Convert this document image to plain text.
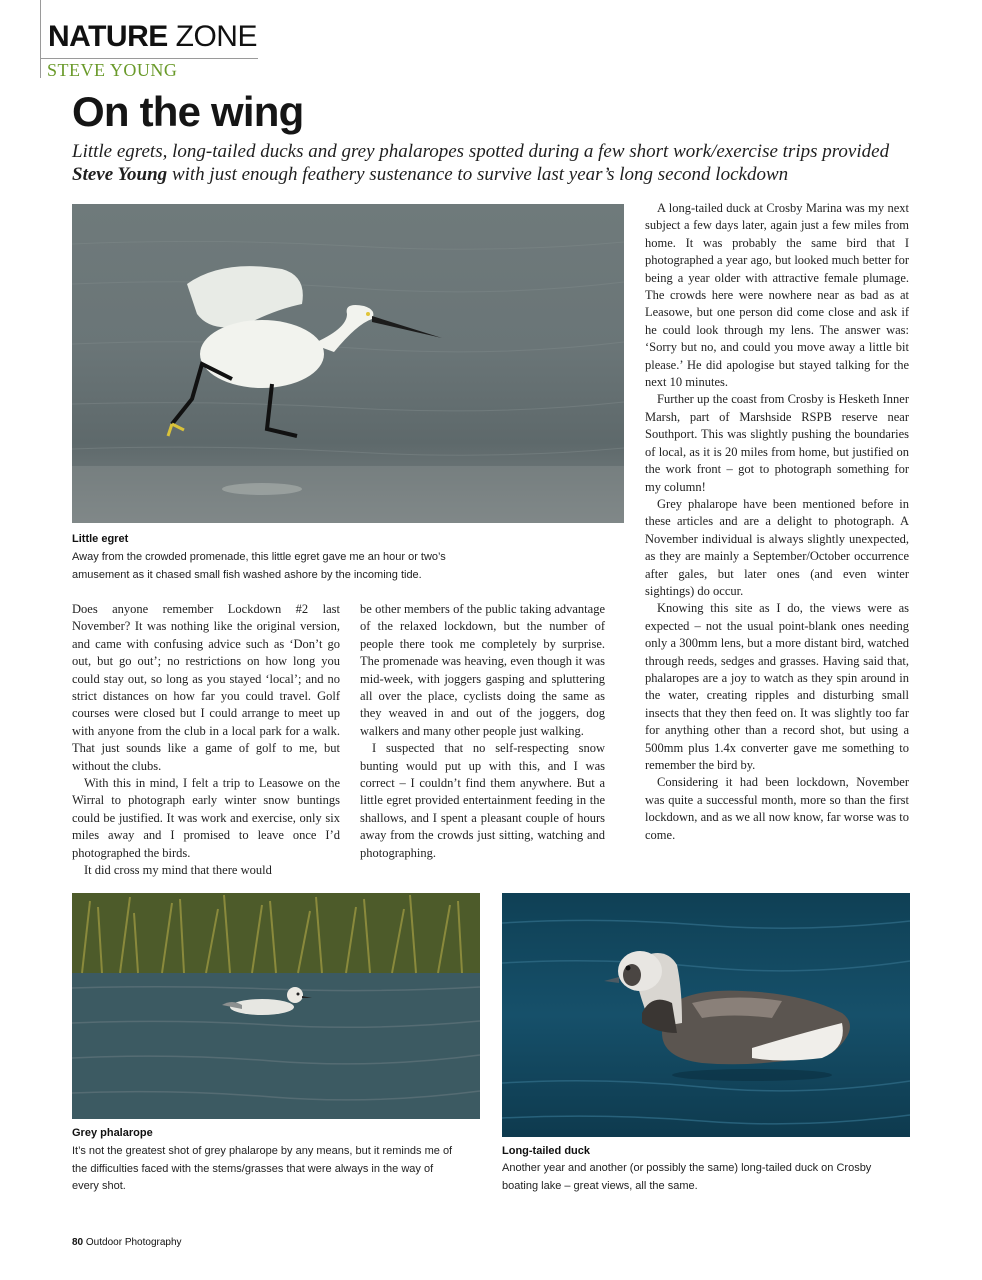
NATURE ZONE
STEVE YOUNG
On the wing
Little egrets, long-tailed ducks and grey phalaropes spotted during a few short work/exercise trips provided Steve Young with just enough feathery sustenance to survive last year’s long second lockdown
Little egret
Away from the crowded promenade, this little egret gave me an hour or two’s amusement as it chased small fish washed ashore by the incoming tide.

Does anyone remember Lockdown #2 last November? It was nothing like the original version, and came with confusing advice such as ‘Don’t go out, but go out’; no restrictions on how long you could stay out, so long as you stayed ‘local’; and no strict distances on how far you could travel. Golf courses were closed but I could arrange to meet up with anyone from the club in a local park for a walk. That just sounds like a game of golf to me, but without the clubs.

With this in mind, I felt a trip to Leasowe on the Wirral to photograph early winter snow buntings could be justified. It was work and exercise, only six miles away and I promised to leave once I’d photographed the birds.

It did cross my mind that there would

be other members of the public taking advantage of the relaxed lockdown, but the number of people there took me completely by surprise. The promenade was heaving, even though it was mid-week, with joggers gasping and spluttering all over the place, cyclists doing the same as they weaved in and out of the joggers, dog walkers and many other people just walking.

I suspected that no self-respecting snow bunting would put up with this, and I was correct – I couldn’t find them anywhere. But a little egret provided entertainment feeding in the shallows, and I spent a pleasant couple of hours away from the crowds just sitting, watching and photographing.

A long-tailed duck at Crosby Marina was my next subject a few days later, again just a few miles from home. It was probably the same bird that I photographed a year ago, but looked much better for being a year older with attractive female plumage. The crowds here were nowhere near as bad as at Leasowe, but one person did come close and ask if he could look through my lens. The answer was: ‘Sorry but no, and could you move away a little bit please.’ He did apologise but stayed talking for the next 10 minutes.

Further up the coast from Crosby is Hesketh Inner Marsh, part of Marshside RSPB reserve near Southport. This was slightly pushing the boundaries of local, as it is 20 miles from home, but justified on the work front – got to photograph something for my column!

Grey phalarope have been mentioned before in these articles and are a delight to photograph. A November individual is always slightly unexpected, as they are mainly a September/October occurrence after gales, but later ones (and even winter sightings) do occur.

Knowing this site as I do, the views were as expected – not the usual point-blank ones needing only a 300mm lens, but a more distant bird, watched through reeds, sedges and grasses. Having said that, phalaropes are a joy to watch as they spin around in the water, creating ripples and disturbing small insects that they then feed on. It was slightly too far for anything other than a record shot, but using a 500mm plus 1.4x converter gave me something to remember the bird by.

Considering it had been lockdown, November was quite a successful month, more so than the first lockdown, and as we all now know, far worse was to come.

Grey phalarope
It’s not the greatest shot of grey phalarope by any means, but it reminds me of the difficulties faced with the stems/grasses that were always in the way of every shot.
Long-tailed duck
Another year and another (or possibly the same) long-tailed duck on Crosby boating lake – great views, all the same.
80 Outdoor Photography
